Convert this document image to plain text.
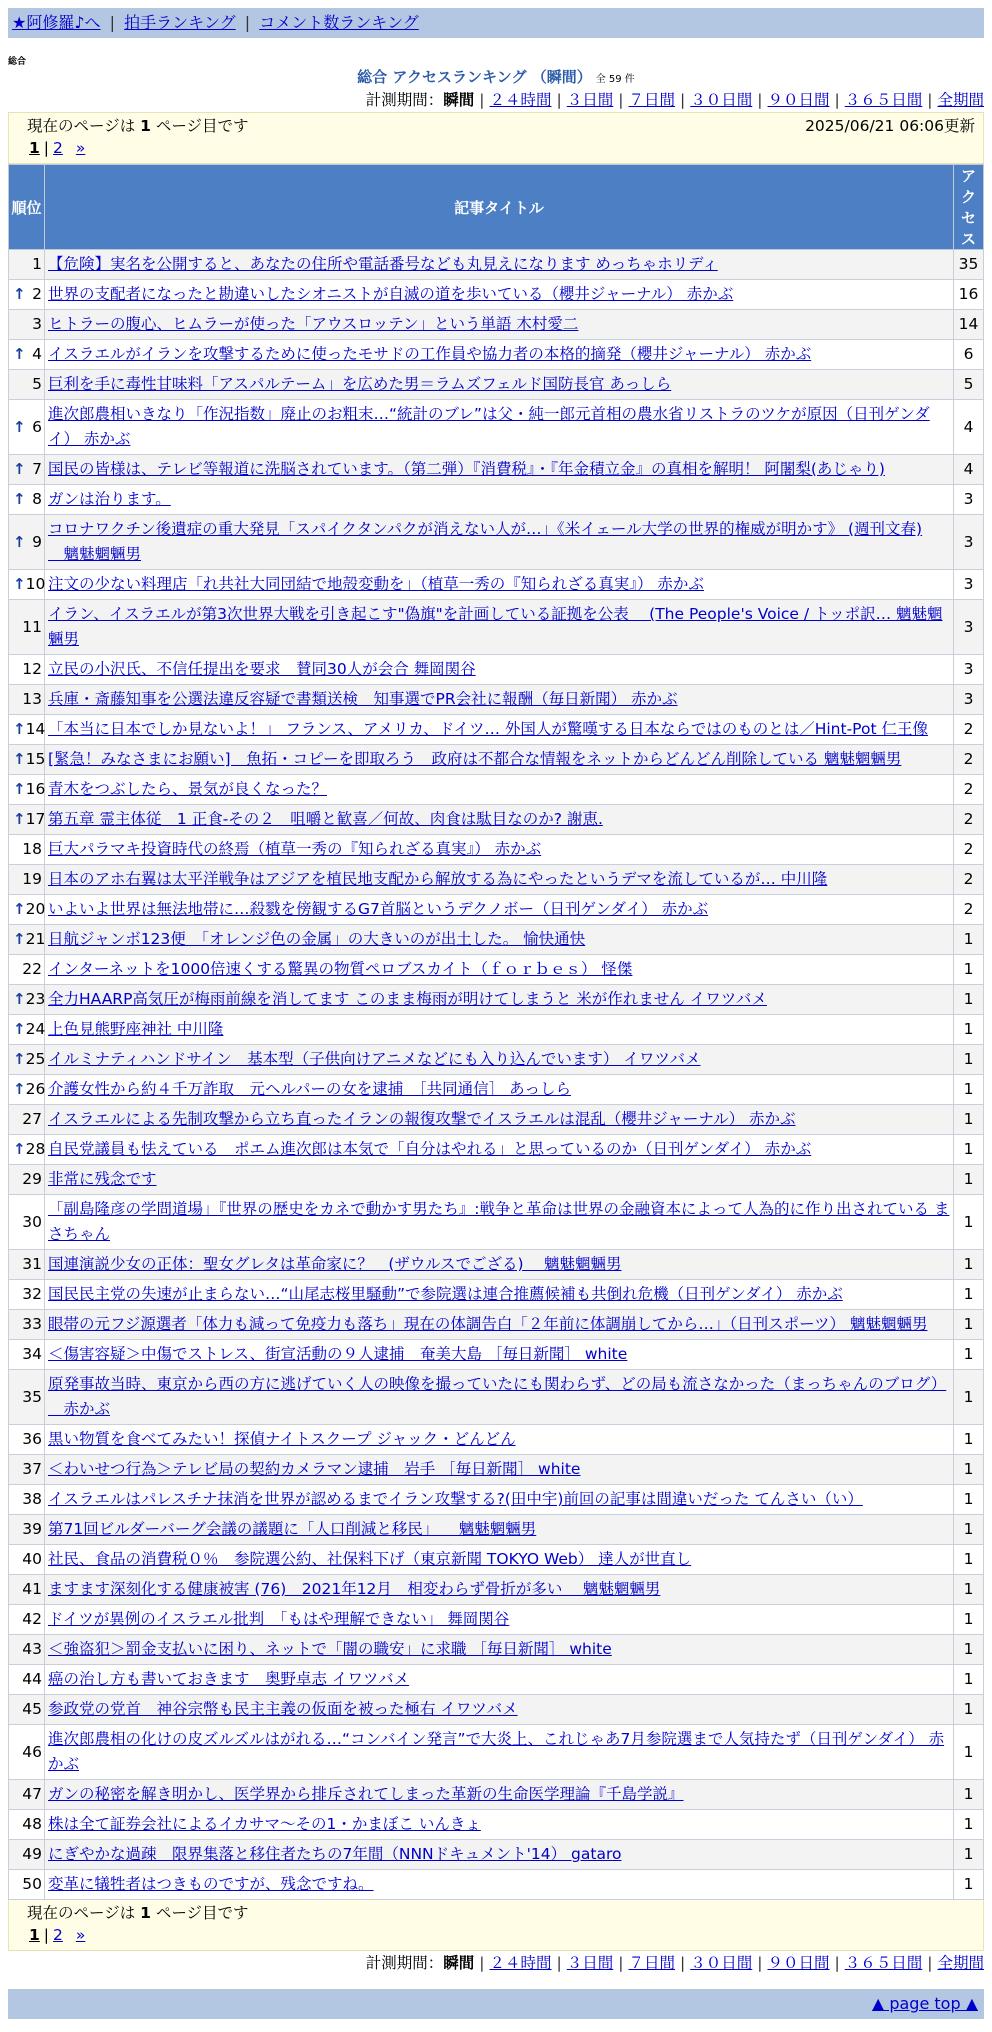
★阿修羅♪へ | 拍手ランキング | コメント数ランキング
総合
総合 アクセスランキング （瞬間） 全 59 件
計測期間：瞬間 | ２４時間 | ３日間 | ７日間 | ３０日間 | ９０日間 | ３６５日間 | 全期間
現在のページは 1 ページ目です	2025/06/21 06:06更新
1 | 2 »
順位	記事タイトル	アクセス
1	【危険】実名を公開すると、あなたの住所や電話番号なども丸見えになります めっちゃホリディ	35

↑ 2	世界の支配者になったと勘違いしたシオニストが自滅の道を歩いている（櫻井ジャーナル） 赤かぶ	16
3	ヒトラーの腹心、ヒムラーが使った「アウスロッテン」という単語 木村愛二	14

↑ 4	イスラエルがイランを攻撃するために使ったモサドの工作員や協力者の本格的摘発（櫻井ジャーナル） 赤かぶ	6
5	巨利を手に毒性甘味料「アスパルテーム」を広めた男＝ラムズフェルド国防長官 あっしら	5

↑ 6	進次郎農相いきなり「作況指数」廃止のお粗末…“統計のブレ”は父・純一郎元首相の農水省リストラのツケが原因（日刊ゲンダイ） 赤かぶ	4

↑ 7	国民の皆様は、テレビ等報道に洗脳されています。（第二弾）『消費税』・『年金積立金』の真相を解明！ 阿闍梨(あじゃり)	4

↑ 8	ガンは治ります。	3

↑ 9	コロナワクチン後遺症の重大発見「スパイクタンパクが消えない人が…」《米イェール大学の世界的権威が明かす》 (週刊文春) 　魑魅魍魎男	3

↑ 10	注文の少ない料理店「れ共社大同団結で地殻変動を」（植草一秀の『知られざる真実』） 赤かぶ	3
11	イラン、イスラエルが第3次世界大戦を引き起こす"偽旗"を計画している証拠を公表 　(The People's Voice / トッポ訳… 魑魅魍魎男	3
12	立民の小沢氏、不信任提出を要求　賛同30人が会合 舞岡関谷	3
13	兵庫・斎藤知事を公選法違反容疑で書類送検　知事選でPR会社に報酬（毎日新聞） 赤かぶ	3

↑ 14	「本当に日本でしか見ないよ！」 フランス、アメリカ、ドイツ… 外国人が驚嘆する日本ならではのものとは／Hint-Pot 仁王像	2

↑ 15	[緊急！みなさまにお願い]　魚拓・コピーを即取ろう　政府は不都合な情報をネットからどんどん削除している 魑魅魍魎男	2

↑ 16	青木をつぶしたら、景気が良くなった？	2

↑ 17	第五章 霊主体従　1 正食-その２　咀嚼と歓喜／何故、肉食は駄目なのか? 謝恵.	2
18	巨大パラマキ投資時代の終焉（植草一秀の『知られざる真実』） 赤かぶ	2
19	日本のアホ右翼は太平洋戦争はアジアを植民地支配から解放する為にやったというデマを流しているが… 中川隆	2

↑ 20	いよいよ世界は無法地帯に…殺戮を傍観するG7首脳というデクノボー（日刊ゲンダイ） 赤かぶ	2

↑ 21	日航ジャンボ123便　「オレンジ色の金属」の大きいのが出土した。 愉快通快	1
22	インターネットを1000倍速くする驚異の物質ペロブスカイト（ｆｏｒｂｅｓ） 怪傑	1

↑ 23	全力HAARP高気圧が梅雨前線を消してます このまま梅雨が明けてしまうと 米が作れません イワツバメ	1

↑ 24	上色見熊野座神社 中川隆	1

↑ 25	イルミナティハンドサイン　基本型（子供向けアニメなどにも入り込んでいます） イワツバメ	1

↑ 26	介護女性から約４千万詐取　元ヘルパーの女を逮捕　［共同通信］ あっしら	1
27	イスラエルによる先制攻撃から立ち直ったイランの報復攻撃でイスラエルは混乱（櫻井ジャーナル） 赤かぶ	1

↑ 28	自民党議員も怯えている　ポエム進次郎は本気で「自分はやれる」と思っているのか（日刊ゲンダイ） 赤かぶ	1
29	非常に残念です	1
30	「副島隆彦の学問道場」『世界の歴史をカネで動かす男たち』:戦争と革命は世界の金融資本によって人為的に作り出されている まさちゃん	1
31	国連演説少女の正体：聖女グレタは革命家に？　(ザウルスでござる) 　魑魅魍魎男	1
32	国民民主党の失速が止まらない…“山尾志桜里騒動”で参院選は連合推薦候補も共倒れ危機（日刊ゲンダイ） 赤かぶ	1
33	眼帯の元フジ源選者「体力も減って免疫力も落ち」現在の体調告白「２年前に体調崩してから…」（日刊スポーツ） 魑魅魍魎男	1
34	＜傷害容疑＞中傷でストレス、街宣活動の９人逮捕　奄美大島 ［毎日新聞］ white	1
35	原発事故当時、東京から西の方に逃げていく人の映像を撮っていたにも関わらず、どの局も流さなかった（まっちゃんのブログ） 　赤かぶ	1
36	黒い物質を食べてみたい！探偵ナイトスクープ ジャック・どんどん	1
37	＜わいせつ行為＞テレビ局の契約カメラマン逮捕　岩手 ［毎日新聞］ white	1
38	イスラエルはパレスチナ抹消を世界が認めるまでイラン攻撃する?(田中宇)前回の記事は間違いだった てんさい（い）	1
39	第71回ビルダーバーグ会議の議題に「人口削減と移民」 　魑魅魍魎男	1
40	社民、食品の消費税０％　参院選公約、社保料下げ（東京新聞 TOKYO Web） 達人が世直し	1
41	ますます深刻化する健康被害 (76)　2021年12月　相変わらず骨折が多い 　魑魅魍魎男	1
42	ドイツが異例のイスラエル批判　「もはや理解できない」 舞岡関谷	1
43	＜強盗犯＞罰金支払いに困り、ネットで「闇の職安」に求職 ［毎日新聞］ white	1
44	癌の治し方も書いておきます　奥野卓志 イワツバメ	1
45	参政党の党首　神谷宗幣も民主主義の仮面を被った極右 イワツバメ	1
46	進次郎農相の化けの皮ズルズルはがれる…“コンバイン発言”で大炎上、これじゃあ7月参院選まで人気持たず（日刊ゲンダイ） 赤かぶ	1
47	ガンの秘密を解き明かし、医学界から排斥されてしまった革新の生命医学理論『千島学説』	1
48	株は全て証券会社によるイカサマ～その1・かまぼこ いんきょ	1
49	にぎやかな過疎　限界集落と移住者たちの7年間（NNNドキュメント'14） gataro	1
50	変革に犠牲者はつきものですが、残念ですね。	1
現在のページは 1 ページ目です
1 | 2 »
計測期間：瞬間 | ２４時間 | ３日間 | ７日間 | ３０日間 | ９０日間 | ３６５日間 | 全期間
▲ page top ▲
